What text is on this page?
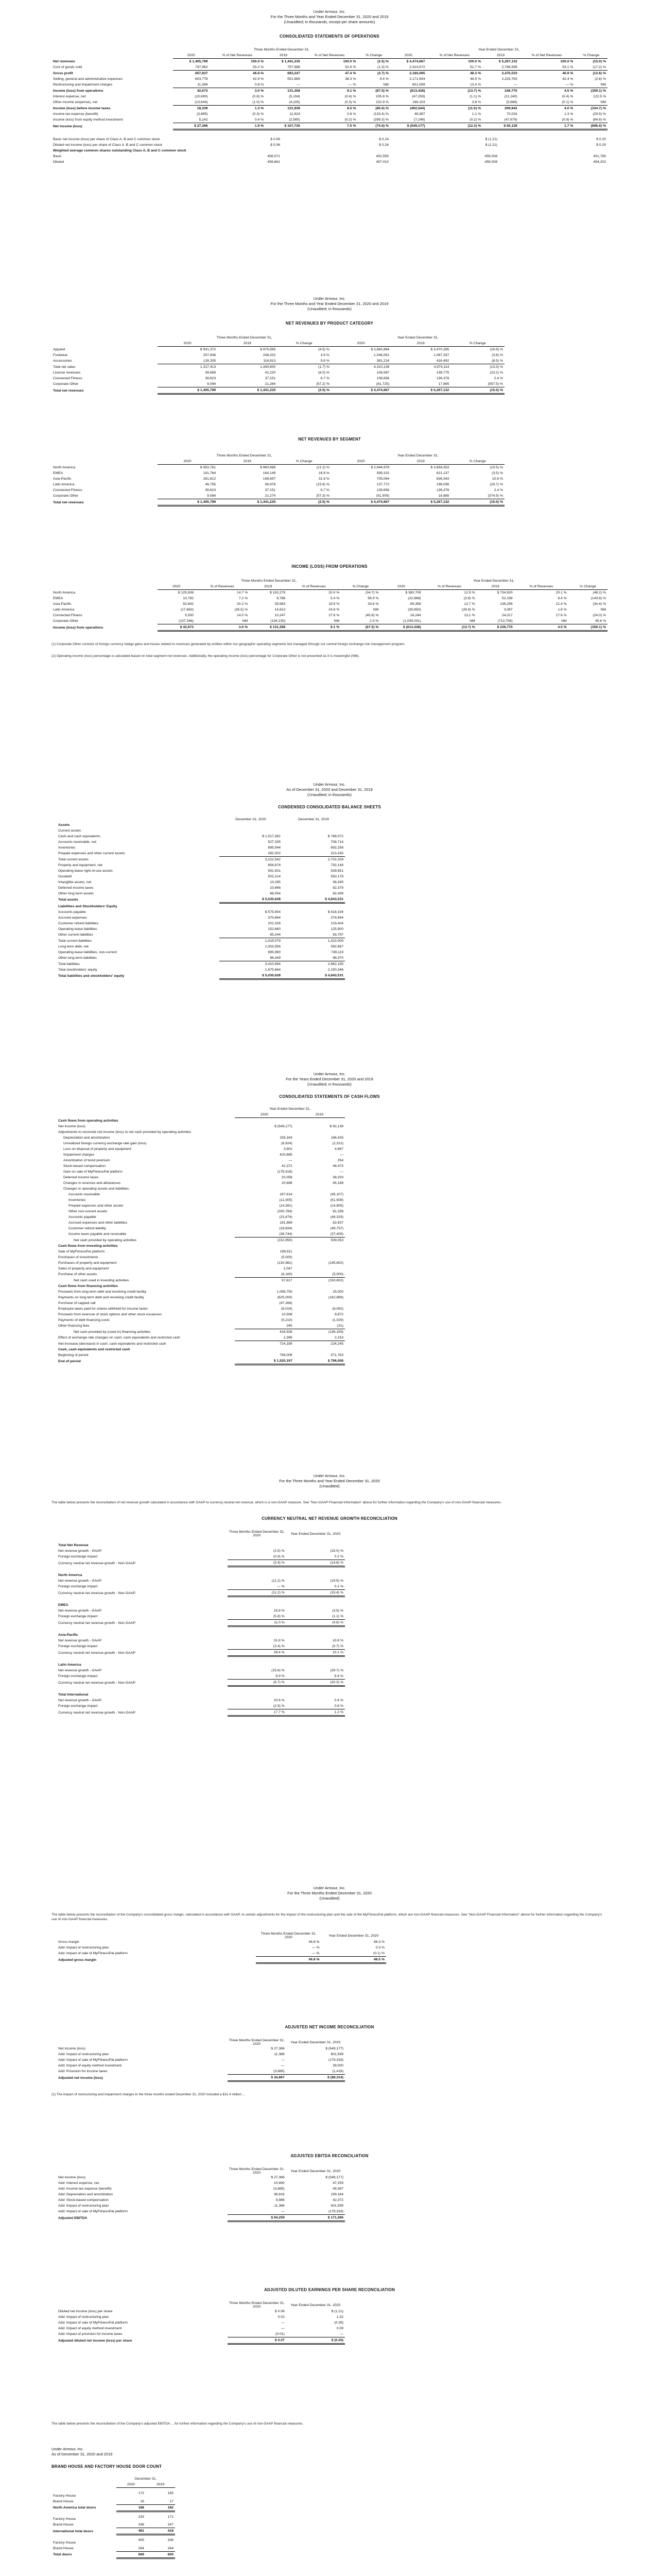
Under Armour, Inc.
For the Three Months and Year Ended December 31, 2020 and 2019
(Unaudited; in thousands, except per share amounts)
CONSOLIDATED STATEMENTS OF OPERATIONS
	Three Months Ended December 31,					Year Ended December 31,				
	2020	% of Net Revenues	2019	% of Net Revenues	% Change	2020	% of Net Revenues	2019	% of Net Revenues	% Change
Net revenues	$ 1,405,799	100.0 %	$ 1,441,235	100.0 %	(2.5) %	$ 4,474,667	100.0 %	$ 5,267,132	100.0 %	(15.0) %
Cost of goods sold	747,962	53.2 %	757,988	52.6 %	(1.3) %	2,314,572	51.7 %	2,796,599	53.1 %	(17.2) %
Gross profit	657,837	46.8 %	683,247	47.4 %	(3.7) %	2,160,095	48.3 %	2,470,533	46.9 %	(12.6) %
Selling, general and administrative expenses	603,778	42.9 %	551,889	38.3 %	9.4 %	2,171,934	48.5 %	2,233,763	42.4 %	(2.8) %
Restructuring and impairment charges	11,386	0.8 %	—	— %	NM	601,599	13.4 %	—	— %	NM
Income (loss) from operations	42,673	3.0 %	131,358	9.1 %	(67.5) %	(613,438)	(13.7) %	236,770	4.5 %	(359.1) %
Interest expense, net	(10,690)	(0.8) %	(5,194)	(0.4) %	105.8 %	(47,259)	(1.1) %	(21,240)	(0.4) %	122.5 %
Other income (expense), net	(13,644)	(1.0) %	(4,225)	(0.3) %	222.9 %	168,153	3.8 %	(5,688)	(0.1) %	NM
Income (loss) before income taxes	18,339	1.3 %	121,939	8.5 %	(85.0) %	(492,544)	(11.0) %	209,842	4.0 %	(334.7) %
Income tax expense (benefit)	(3,885)	(0.3) %	11,624	0.8 %	(133.4) %	49,387	1.1 %	70,024	1.3 %	(29.5) %
Income (loss) from equity method investment	5,142	0.4 %	(2,580)	(0.2) %	(299.3) %	(7,246)	(0.2) %	(47,679)	(0.9) %	(84.8) %
Net income (loss)	$ 27,366	1.9 %	$ 107,735	7.5 %	(74.6) %	$ (549,177)	(12.3) %	$ 92,139	1.7 %	(696.0) %
Basic net income (loss) per share of Class A, B and C common stock	$ 0.06	$ 0.24	$ (1.21)	$ 0.20
Diluted net income (loss) per share of Class A, B and C common stock	$ 0.06	$ 0.24	$ (1.21)	$ 0.20
Weighted average common shares outstanding Class A, B and C common stock				
Basic	456,071	452,555	455,008	451,765
Diluted	458,681	457,010	455,008	454,202
Under Armour, Inc.
For the Three Months and Year Ended December 31, 2020 and 2019
(Unaudited; in thousands)
NET REVENUES BY PRODUCT CATEGORY
	Three Months Ended December 31,			Year Ended December 31,		
	2020	2019	% Change	2020	2019	% Change
Apparel	$ 931,372	$ 975,585	(4.5) %	$ 2,882,864	$ 3,470,285	(16.9) %
Footwear	257,836	248,202	3.9 %	1,046,061	1,087,337	(3.8) %
Accessories	128,205	116,813	9.8 %	381,224	416,492	(8.5) %
Total net sales	1,317,413	1,340,600	(1.7) %	4,310,149	4,974,114	(13.3) %
License revenues	39,669	42,220	(6.0) %	106,587	138,775	(23.2) %
Connected Fitness	39,623	37,151	6.7 %	139,656	136,378	2.4 %
Corporate Other	9,094	21,264	(57.2) %	(81,725)	17,865	(557.5) %
Total net revenues	$ 1,405,799	$ 1,441,235	(2.5) %	$ 4,474,667	$ 5,267,132	(15.0) %
NET REVENUES BY SEGMENT
	Three Months Ended December 31,			Year Ended December 31,		
	2020	2019	% Change	2020	2019	% Change
North America	$ 853,761	$ 960,986	(11.2) %	$ 2,944,978	$ 3,658,353	(19.5) %
EMEA	191,764	164,149	16.8 %	599,102	621,137	(3.5) %
Asia-Pacific	261,812	198,697	31.8 %	705,064	636,343	10.8 %
Latin America	49,755	58,978	(15.6) %	137,772	196,036	(29.7) %
Connected Fitness	39,623	37,151	6.7 %	139,656	136,378	2.4 %
Corporate Other	9,084	21,274	(57.3) %	(51,905)	18,885	(374.9) %
Total net revenues	$ 1,405,799	$ 1,441,235	(2.5) %	$ 4,474,667	$ 5,267,132	(15.0) %
INCOME (LOSS) FROM OPERATIONS
	Three Months Ended December 31,					Year Ended December 31,				
	2020	% of Revenues	2019	% of Revenues	% Change	2020	% of Revenues	2019	% of Revenues	% Change
North America	$ 125,508	14.7 %	$ 192,279	20.0 %	(34.7) %	$ 380,709	12.9 %	$ 734,920	20.1 %	(48.2) %
EMEA	13,782	7.2 %	8,786	5.4 %	56.9 %	(22,868)	(3.8) %	52,198	8.4 %	(143.8) %
Asia-Pacific	52,842	20.2 %	39,563	19.9 %	33.6 %	89,358	12.7 %	136,256	21.4 %	(34.4) %
Latin America	(17,663)	(35.5) %	14,613	24.8 %	NM	(39,850)	(28.9) %	3,087	1.6 %	NM
Connected Fitness	5,550	14.0 %	10,247	27.6 %	(45.8) %	18,244	13.1 %	24,017	17.6 %	(24.0) %
Corporate Other	(137,346)	NM	(134,130)	NM	2.4 %	(1,039,031)	NM	(713,708)	NM	45.6 %
Income (loss) from operations	$ 42,673	3.0 %	$ 131,358	9.1 %	(67.5) %	$ (613,438)	(13.7) %	$ 236,770	4.5 %	(359.1) %
(1) Corporate Other consists of foreign currency hedge gains and losses related to revenues generated by entities within our geographic operating segments but managed through our central foreign exchange risk management program.
(2) Operating income (loss) percentage is calculated based on total segment net revenues. Additionally, the operating income (loss) percentage for Corporate Other is not presented as it is meaningful (NM).
Under Armour, Inc.
As of December 31, 2020 and December 31, 2019
(Unaudited; in thousands)
CONDENSED CONSOLIDATED BALANCE SHEETS
	December 31, 2020	December 31, 2019
Assets		
Current assets		
Cash and cash equivalents	$ 1,517,361	$ 788,072
Accounts receivable, net	527,335	708,714
Inventories	895,544	892,258
Prepaid expenses and other current assets	282,302	313,165
Total current assets	3,222,542	2,702,209
Property and equipment, net	658,678	792,148
Operating lease right-of-use assets	591,931	539,851
Goodwill	502,214	550,178
Intangible assets, net	13,295	36,345
Deferred income taxes	23,666	82,379
Other long term assets	66,054	82,439
Total assets	$ 5,030,628	$ 4,843,531
Liabilities and Stockholders' Equity		
Accounts payable	$ 575,954	$ 618,194
Accrued expenses	370,664	374,694
Customer refund liabilities	201,326	219,424
Operating lease liabilities	152,660	125,900
Other current liabilities	85,244	83,797
Total current liabilities	1,415,079	1,422,009
Long term debt, net	1,003,556	592,687
Operating lease liabilities, non-current	895,980	749,119
Other long term liabilities	96,349	98,370
Total liabilities	3,410,964	2,862,185
Total stockholders' equity	1,675,664	2,150,346
Total liabilities and stockholders' equity	$ 5,030,628	$ 4,843,531
Under Armour, Inc.
For the Years Ended December 31, 2020 and 2019
(Unaudited; in thousands)
CONSOLIDATED STATEMENTS OF CASH FLOWS
	Year Ended December 31,	
	2020	2019
Cash flows from operating activities		
Net income (loss)	$ (549,177)	$ 92,139
Adjustments to reconcile net income (loss) to net cash provided by operating activities		
Depreciation and amortization	159,164	186,425
Unrealized foreign currency exchange rate gain (loss)	(6,924)	(2,312)
Loss on disposal of property and equipment	3,602	4,987
Impairment charges	420,885	—
Amortization of bond premium	—	254
Stock-based compensation	42,372	48,473
Gain on sale of MyFitnessPal platform	(179,318)	—
Deferred income taxes	20,058	38,203
Changes in reserves and allowances	20,698	45,188
Changes in operating assets and liabilities:		
Accounts receivable	187,614	(45,107)
Inventories	(12,305)	(51,508)
Prepaid expenses and other assets	(14,391)	(14,905)
Other non-current assets	(200,784)	81,336
Accounts payable	(23,474)	(46,329)
Accrued expenses and other liabilities	181,669	82,837
Customer refund liability	(18,834)	(49,757)
Income taxes payable and receivable	(38,744)	(37,405)
Net cash provided by operating activities	(152,950)	509,053
Cash flows from investing activities		
Sale of MyFitnessPal platform	198,911	
Purchases of investments	(5,000)	
Purchases of property and equipment	(130,981)	(145,802)
Sales of property and equipment	1,047	
Purchase of other assets	(6,160)	(5,000)
Net cash used in investing activities	57,817	(150,802)
Cash flows from financing activities		
Proceeds from long term debt and revolving credit facility	1,089,750	25,000
Payments on long term debt and revolving credit facility	(625,000)	(162,889)
Purchase of capped call	(47,268)	
Employee taxes paid for shares withheld for income taxes	(6,019)	(6,082)
Proceeds from exercise of stock options and other stock issuances	10,508	8,872
Payments of debt financing costs	(5,210)	(1,029)
Other financing fees	245	(31)
Net cash provided by (used in) financing activities	416,926	(136,159)
Effect of exchange rate changes on cash, cash equivalents and restricted cash	2,396	2,153
Net increase (decrease) in cash, cash equivalents and restricted cash	724,189	224,245
Cash, cash equivalents and restricted cash		
Beginning of period	796,008	571,763
End of period	$ 1,520,197	$ 796,008
Under Armour, Inc.
For the Three Months and Year Ended December 31, 2020
(Unaudited)
The table below presents the reconciliation of net revenue growth calculated in accordance with GAAP to currency neutral net revenue, which is a non-GAAP measure. See "Non-GAAP Financial Information" above for further information regarding the Company's use of non-GAAP financial measures.
CURRENCY NEUTRAL NET REVENUE GROWTH RECONCILIATION
	Three Months Ended December 31, 2020	Year Ended December 31, 2020
Total Net Revenue		
Net revenue growth - GAAP	(2.5) %	(15.0) %
Foreign exchange impact	(0.9) %	0.2 %
Currency neutral net revenue growth - Non-GAAP	(3.4) %	(14.8) %
North America		
Net revenue growth - GAAP	(11.2) %	(19.5) %
Foreign exchange impact	— %	0.1 %
Currency neutral net revenue growth - Non-GAAP	(11.2) %	(19.4) %
EMEA		
Net revenue growth - GAAP	16.8 %	(3.5) %
Foreign exchange impact	(5.8) %	(1.1) %
Currency neutral net revenue growth - Non-GAAP	11.0 %	(4.6) %
Asia-Pacific		
Net revenue growth - GAAP	31.8 %	10.8 %
Foreign exchange impact	(3.4) %	(0.7) %
Currency neutral net revenue growth - Non-GAAP	28.4 %	10.1 %
Latin America		
Net revenue growth - GAAP	(15.6) %	(29.7) %
Foreign exchange impact	8.9 %	9.4 %
Currency neutral net revenue growth - Non-GAAP	(6.7) %	(20.3) %
Total International		
Net revenue growth - GAAP	20.6 %	0.4 %
Foreign exchange impact	(2.9) %	0.8 %
Currency neutral net revenue growth - Non-GAAP	17.7 %	1.2 %
Under Armour, Inc.
For the Three Months Ended December 31, 2020
(Unaudited)
The table below presents the reconciliation of the Company's consolidated gross margin, calculated in accordance with GAAP, to certain adjustments for the impact of the restructuring plan and the sale of the MyFitnessPal platform, which are non-GAAP financial measures. See "Non-GAAP Financial Information" above for further information regarding the Company's use of non-GAAP financial measures.
	Three Months Ended December 31, 2020	Year Ended December 31, 2020
Gross margin	46.8 %	48.3 %
Add: Impact of restructuring plan	— %	0.3 %
Add: Impact of sale of MyFitnessPal platform	— %	(0.1) %
Adjusted gross margin	46.8 %	48.5 %
ADJUSTED NET INCOME RECONCILIATION
	Three Months Ended December 31, 2020	Year Ended December 31, 2020
Net income (loss)	$ 27,366	$ (549,177)
Add: Impact of restructuring plan	11,386	601,599
Add: Impact of sale of MyFitnessPal platform	—	(179,318)
Add: Impact of equity method investment	—	39,000
Add: Provision for income taxes	(3,885)	(1,418)
Adjusted net income (loss)	$ 34,867	$ (89,314)
(1) The impact of restructuring and impairment charges in the three months ended December 31, 2020 included a $11.4 million ...
ADJUSTED EBITDA RECONCILIATION
	Three Months Ended December 31, 2020	Year Ended December 31, 2020
Net income (loss)	$ 27,366	$ (549,177)
Add: Interest expense, net	10,690	47,259
Add: Income tax expense (benefit)	(3,885)	49,387
Add: Depreciation and amortization	38,816	159,164
Add: Stock-based compensation	9,886	42,372
Add: Impact of restructuring plan	11,386	601,599
Add: Impact of sale of MyFitnessPal platform	—	(179,318)
Adjusted EBITDA	$ 94,259	$ 171,286
ADJUSTED DILUTED EARNINGS PER SHARE RECONCILIATION
	Three Months Ended December 31, 2020	Year Ended December 31, 2020
Diluted net income (loss) per share	$ 0.06	$ (1.21)
Add: Impact of restructuring plan	0.02	1.32
Add: Impact of sale of MyFitnessPal platform	—	(0.39)
Add: Impact of equity method investment	—	0.09
Add: Impact of provision for income taxes	(0.01)	—
Adjusted diluted net income (loss) per share	$ 0.07	$ (0.20)
The table below presents the reconciliation of the Company's adjusted EBITDA ... for further information regarding the Company's use of non-GAAP financial measures.
Under Armour, Inc.
As of December 31, 2020 and 2019
BRAND HOUSE AND FACTORY HOUSE DOOR COUNT
	December 31,	
	2020	2019
Factory House	172	165
Brand House	16	17
North America total doors	188	182
Factory House	233	171
Brand House	248	247
International total doors	481	418
Factory House	405	336
Brand House	264	264
Total doors	669	600
